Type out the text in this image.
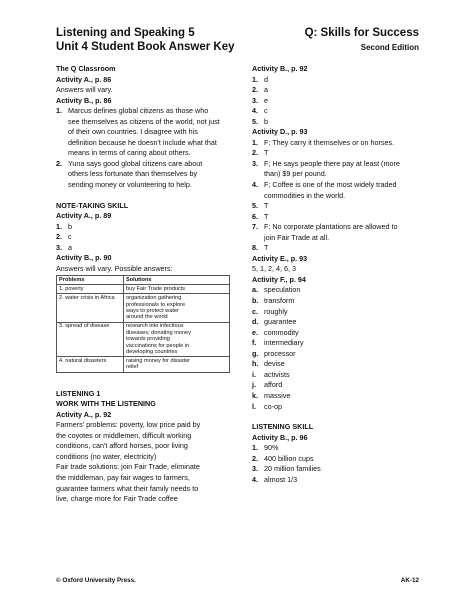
Listening and Speaking 5
Unit 4 Student Book Answer Key
Q: Skills for Success
Second Edition

The Q Classroom

Activity A., p. 86

Answers will vary.

Activity B., p. 86

1. Marcus defines global citizens as those who

see themselves as citizens of the world, not just

of their own countries. I disagree with his

definition because he doesn't include what that

means in terms of caring about others.

2. Yuna says good global citizens care about

others less fortunate than themselves by

sending money or volunteering to help.

NOTE-TAKING SKILL

Activity A., p. 89

1. b
2. c
3. a

Activity B., p. 90

Answers will vary. Possible answers:

Problems	Solutions

1. poverty	buy Fair Trade products

2. water crisis in Africa	organization gathering
professionals to explore
ways to protect water
around the world

3. spread of disease	research into infectious
diseases; donating money
towards providing
vaccinations for people in
developing countries

4. natural disasters	raising money for disaster
relief

LISTENING 1

WORK WITH THE LISTENING

Activity A., p. 92

Farmers' problems: poverty, low price paid by

the coyotes or middlemen, difficult working

conditions, can't afford horses, poor living

conditions (no water, electricity)

Fair trade solutions: join Fair Trade, eliminate

the middleman, pay fair wages to farmers,

guarantee farmers what their family needs to

live, charge more for Fair Trade coffee

Activity B., p. 92

1. d
2. a
3. e
4. c
5. b

Activity D., p. 93

1. F; They carry it themselves or on horses.

2. T

3. F; He says people there pay at least (more

than) $9 per pound.

4. F; Coffee is one of the most widely traded

commodities in the world.

5. T

6. T

7. F; No corporate plantations are allowed to

join Fair Trade at all.

8. T

Activity E., p. 93

5, 1, 2, 4, 6, 3

Activity F., p. 94

a. speculation
b. transform
c. roughly
d. guarantee
e. commodity
f.	intermediary
g. processor
h. devise
i.	activists
j.	afford
k. massive
l.	co-op

LISTENING SKILL

Activity B., p. 96

1. 90%
2. 400 billion cups
3. 20 million families
4. almost 1/3
© Oxford University Press.	AK-12
